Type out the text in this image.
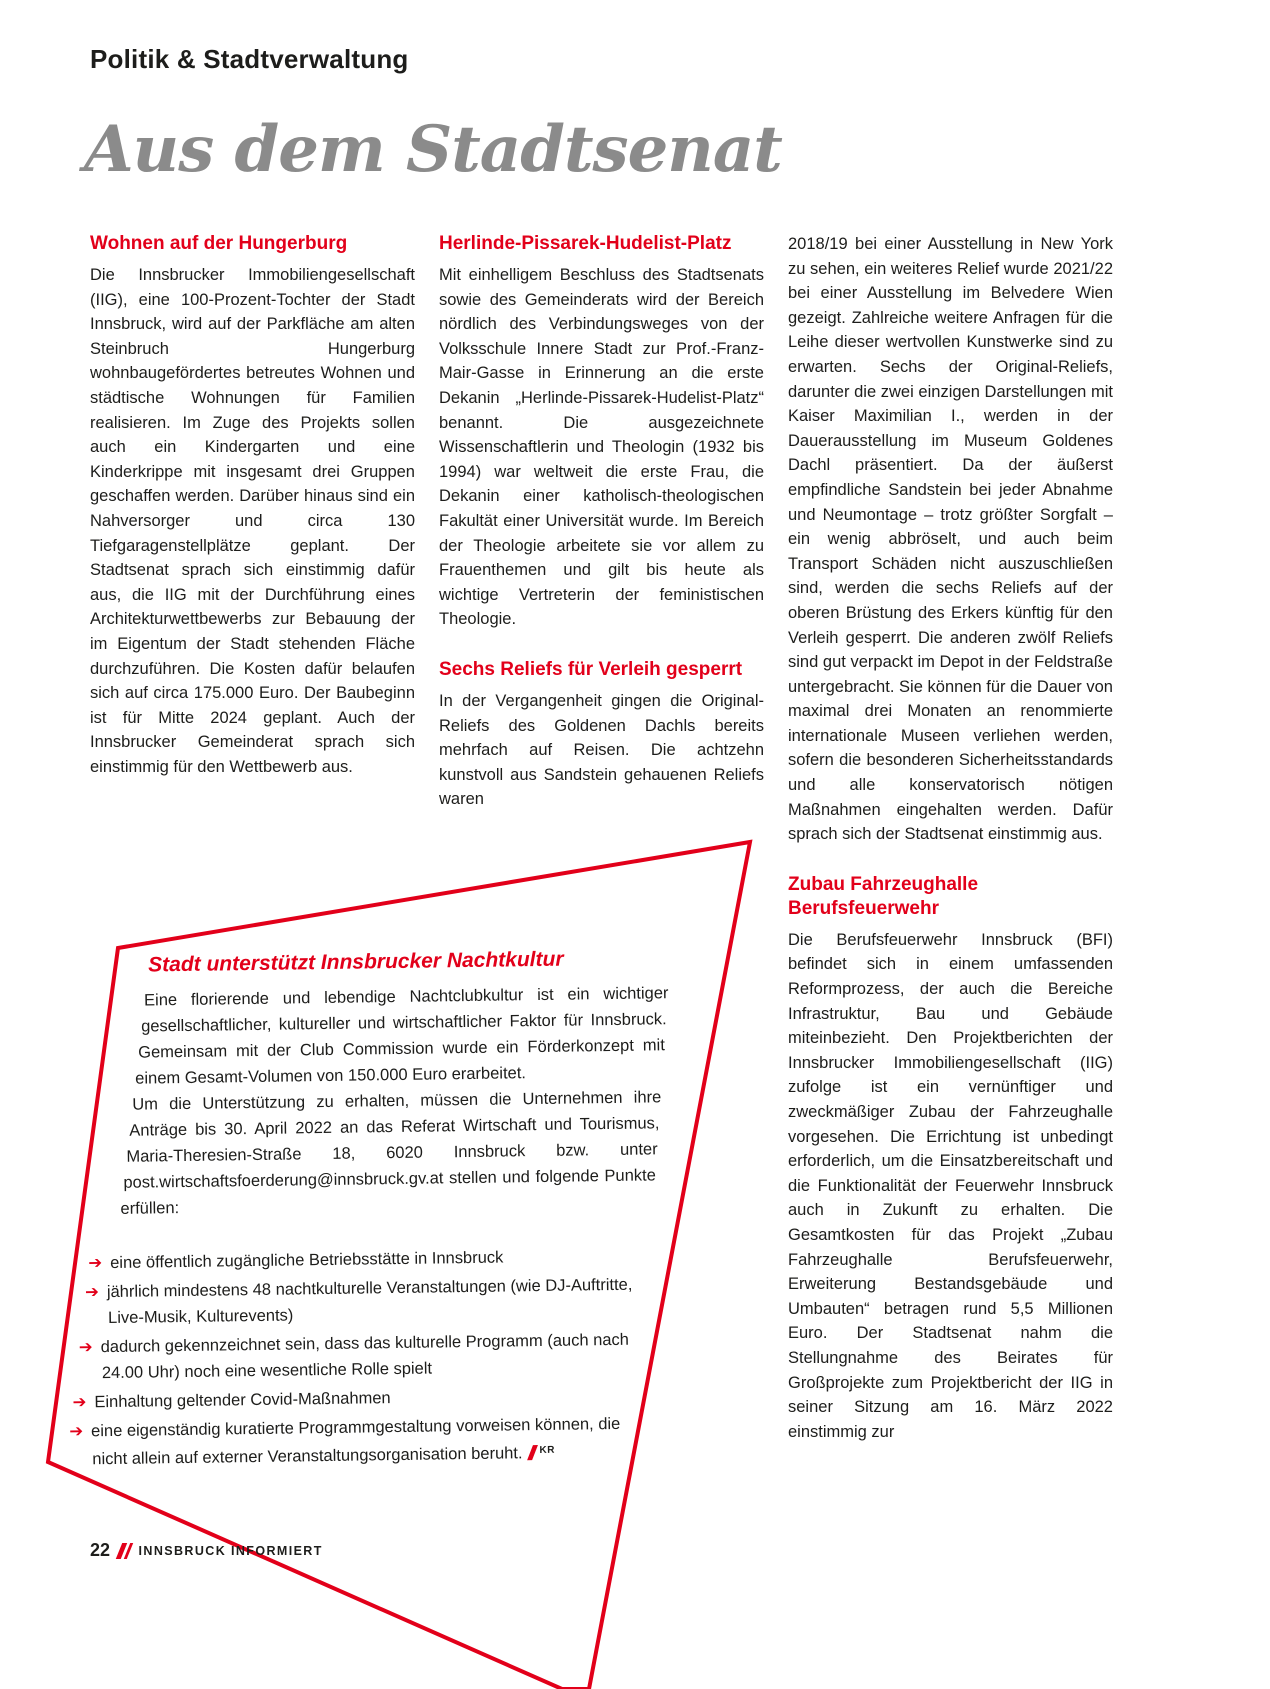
Politik & Stadtverwaltung
Aus dem Stadtsenat
Wohnen auf der Hungerburg

Die Innsbrucker Immobiliengesellschaft (IIG), eine 100-Prozent-Tochter der Stadt Innsbruck, wird auf der Parkfläche am alten Steinbruch Hungerburg wohnbaugefördertes betreutes Wohnen und städtische Wohnungen für Familien realisieren. Im Zuge des Projekts sollen auch ein Kindergarten und eine Kinderkrippe mit insgesamt drei Gruppen geschaffen werden. Darüber hinaus sind ein Nahversorger und circa 130 Tiefgaragenstellplätze geplant. Der Stadtsenat sprach sich einstimmig dafür aus, die IIG mit der Durchführung eines Architekturwettbewerbs zur Bebauung der im Eigentum der Stadt stehenden Fläche durchzuführen. Die Kosten dafür belaufen sich auf circa 175.000 Euro. Der Baubeginn ist für Mitte 2024 geplant. Auch der Innsbrucker Gemeinderat sprach sich einstimmig für den Wettbewerb aus.

Herlinde-Pissarek-Hudelist-Platz

Mit einhelligem Beschluss des Stadtsenats sowie des Gemeinderats wird der Bereich nördlich des Verbindungsweges von der Volksschule Innere Stadt zur Prof.-Franz-Mair-Gasse in Erinnerung an die erste Dekanin „Herlinde-Pissarek-Hudelist-Platz“ benannt. Die ausgezeichnete Wissenschaftlerin und Theologin (1932 bis 1994) war weltweit die erste Frau, die Dekanin einer katholisch-theologischen Fakultät einer Universität wurde. Im Bereich der Theologie arbeitete sie vor allem zu Frauenthemen und gilt bis heute als wichtige Vertreterin der feministischen Theologie.

Sechs Reliefs für Verleih gesperrt

In der Vergangenheit gingen die Original-Reliefs des Goldenen Dachls bereits mehrfach auf Reisen. Die achtzehn kunstvoll aus Sandstein gehauenen Reliefs waren

2018/19 bei einer Ausstellung in New York zu sehen, ein weiteres Relief wurde 2021/22 bei einer Ausstellung im Belvedere Wien gezeigt. Zahlreiche weitere Anfragen für die Leihe dieser wertvollen Kunstwerke sind zu erwarten. Sechs der Original-Reliefs, darunter die zwei einzigen Darstellungen mit Kaiser Maximilian I., werden in der Dauerausstellung im Museum Goldenes Dachl präsentiert. Da der äußerst empfindliche Sandstein bei jeder Abnahme und Neumontage – trotz größter Sorgfalt – ein wenig abbröselt, und auch beim Transport Schäden nicht auszuschließen sind, werden die sechs Reliefs auf der oberen Brüstung des Erkers künftig für den Verleih gesperrt. Die anderen zwölf Reliefs sind gut verpackt im Depot in der Feldstraße untergebracht. Sie können für die Dauer von maximal drei Monaten an renommierte internationale Museen verliehen werden, sofern die besonderen Sicherheitsstandards und alle konservatorisch nötigen Maßnahmen eingehalten werden. Dafür sprach sich der Stadtsenat einstimmig aus.

Zubau Fahrzeughalle Berufsfeuerwehr

Die Berufsfeuerwehr Innsbruck (BFI) befindet sich in einem umfassenden Reformprozess, der auch die Bereiche Infrastruktur, Bau und Gebäude miteinbezieht. Den Projektberichten der Innsbrucker Immobiliengesellschaft (IIG) zufolge ist ein vernünftiger und zweckmäßiger Zubau der Fahrzeughalle vorgesehen. Die Errichtung ist unbedingt erforderlich, um die Einsatzbereitschaft und die Funktionalität der Feuerwehr Innsbruck auch in Zukunft zu erhalten. Die Gesamtkosten für das Projekt „Zubau Fahrzeughalle Berufsfeuerwehr, Erweiterung Bestandsgebäude und Umbauten“ betragen rund 5,5 Millionen Euro. Der Stadtsenat nahm die Stellungnahme des Beirates für Großprojekte zum Projektbericht der IIG in seiner Sitzung am 16. März 2022 einstimmig zur

Stadt unterstützt Innsbrucker Nachtkultur

Eine florierende und lebendige Nachtclubkultur ist ein wichtiger gesellschaftlicher, kultureller und wirtschaftlicher Faktor für Innsbruck. Gemeinsam mit der Club Commission wurde ein Förderkonzept mit einem Gesamt-Volumen von 150.000 Euro erarbeitet.

Um die Unterstützung zu erhalten, müssen die Unternehmen ihre Anträge bis 30. April 2022 an das Referat Wirtschaft und Tourismus, Maria-Theresien-Straße 18, 6020 Innsbruck bzw. unter post.wirtschaftsfoerderung@innsbruck.gv.at stellen und folgende Punkte erfüllen:

➔ eine öffentlich zugängliche Betriebsstätte in Innsbruck
➔ jährlich mindestens 48 nachtkulturelle Veranstaltungen (wie DJ-Auftritte, Live-Musik, Kulturevents)
➔ dadurch gekennzeichnet sein, dass das kulturelle Programm (auch nach 24.00 Uhr) noch eine wesentliche Rolle spielt
➔ Einhaltung geltender Covid-Maßnahmen
➔ eine eigenständig kuratierte Programmgestaltung vorweisen können, die nicht allein auf externer Veranstaltungsorganisation beruht. $^{KR}$
22 INNSBRUCK INFORMIERT
